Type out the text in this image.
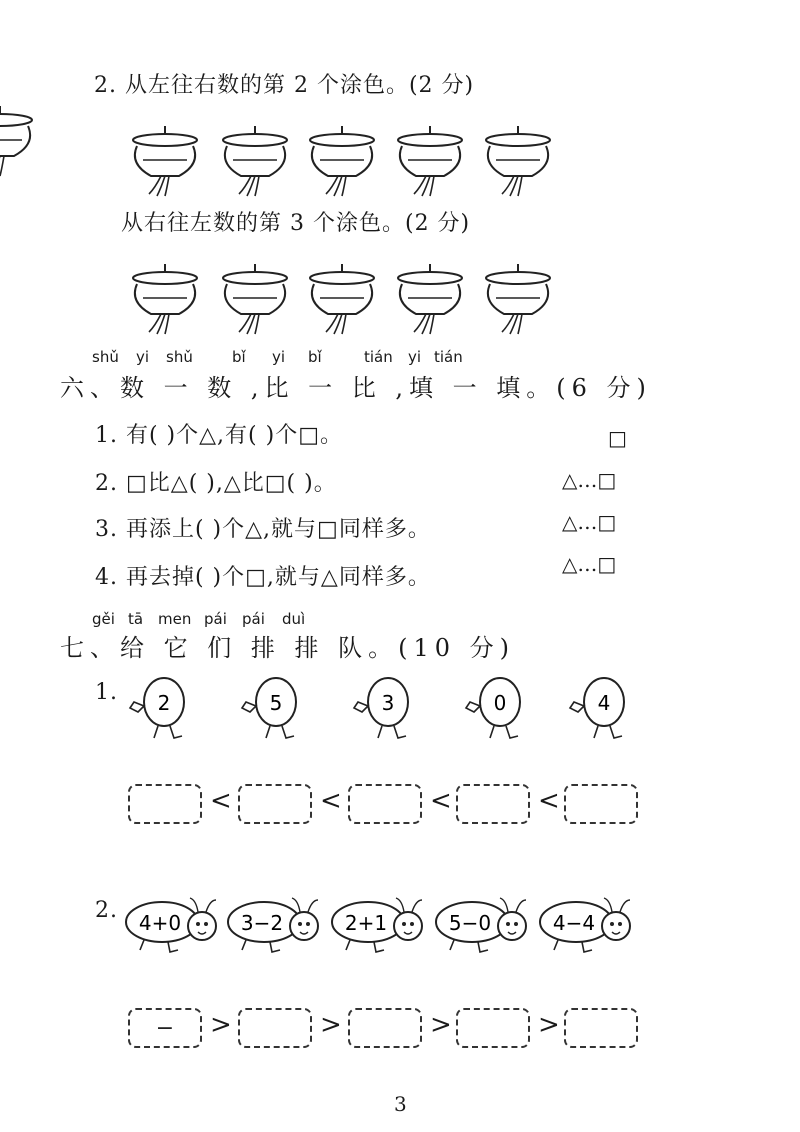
2. 从左往右数的第 2 个涂色。(2 分)
从右往左数的第 3 个涂色。(2 分)
shǔ yi shǔ	bǐ yi bǐ	tián yi tián
六、数 一 数 ,比 一 比 ,填 一 填。(6 分)
1. 有( )个△,有( )个□。
2. □比△( ),△比□( )。
3. 再添上( )个△,就与□同样多。
4. 再去掉( )个□,就与△同样多。
□
△…□
△…□
△…□
gěi tā men pái pái duì
七、给 它 们 排 排 队。(10 分)
1. 2	5	3	0	4
<	<	<	<
2. 4+0	3−2	2+1	5−0	4−4
−	>	>	>	>
3
